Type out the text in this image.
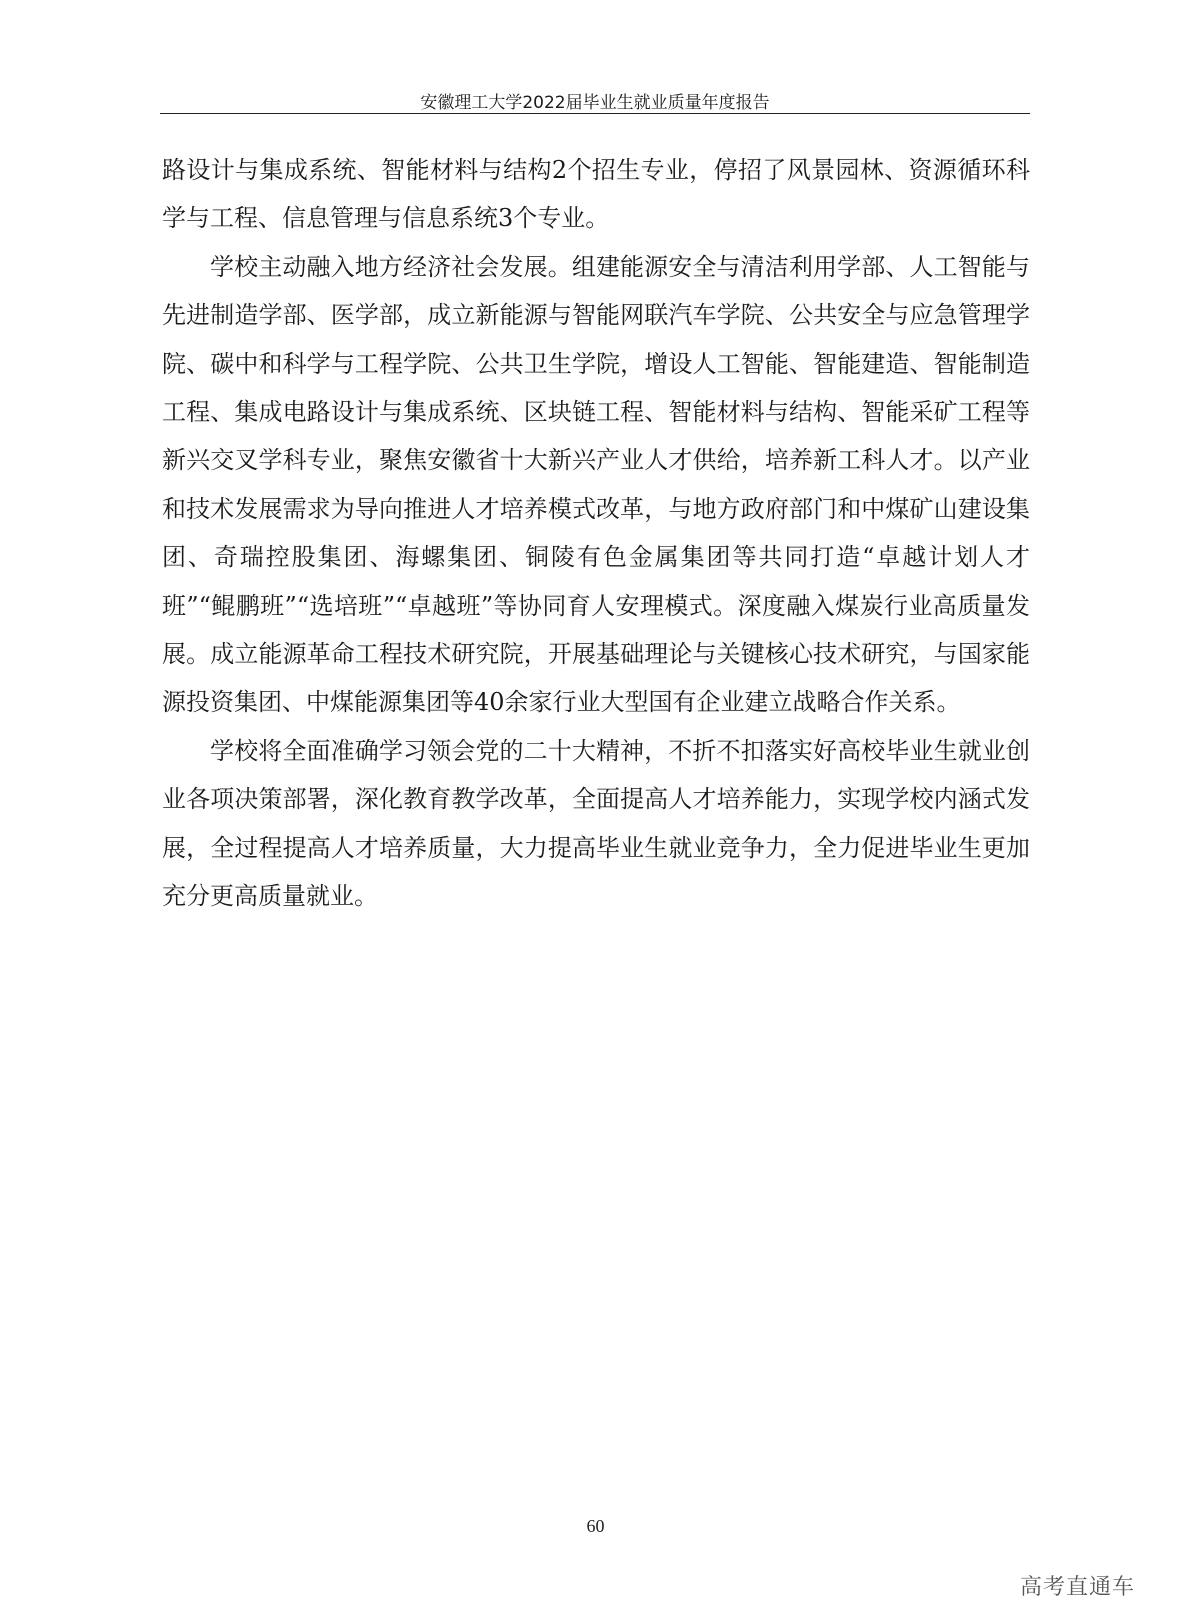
安徽理工大学2022届毕业生就业质量年度报告

路设计与集成系统、智能材料与结构2个招生专业，停招了风景园林、资源循环科学与工程、信息管理与信息系统3个专业。

学校主动融入地方经济社会发展。组建能源安全与清洁利用学部、人工智能与先进制造学部、医学部，成立新能源与智能网联汽车学院、公共安全与应急管理学院、碳中和科学与工程学院、公共卫生学院，增设人工智能、智能建造、智能制造工程、集成电路设计与集成系统、区块链工程、智能材料与结构、智能采矿工程等新兴交叉学科专业，聚焦安徽省十大新兴产业人才供给，培养新工科人才。以产业和技术发展需求为导向推进人才培养模式改革，与地方政府部门和中煤矿山建设集团、奇瑞控股集团、海螺集团、铜陵有色金属集团等共同打造“卓越计划人才班”“鲲鹏班”“选培班”“卓越班”等协同育人安理模式。深度融入煤炭行业高质量发展。成立能源革命工程技术研究院，开展基础理论与关键核心技术研究，与国家能源投资集团、中煤能源集团等40余家行业大型国有企业建立战略合作关系。

学校将全面准确学习领会党的二十大精神，不折不扣落实好高校毕业生就业创业各项决策部署，深化教育教学改革，全面提高人才培养能力，实现学校内涵式发展，全过程提高人才培养质量，大力提高毕业生就业竞争力，全力促进毕业生更加充分更高质量就业。

60
高考直通车
